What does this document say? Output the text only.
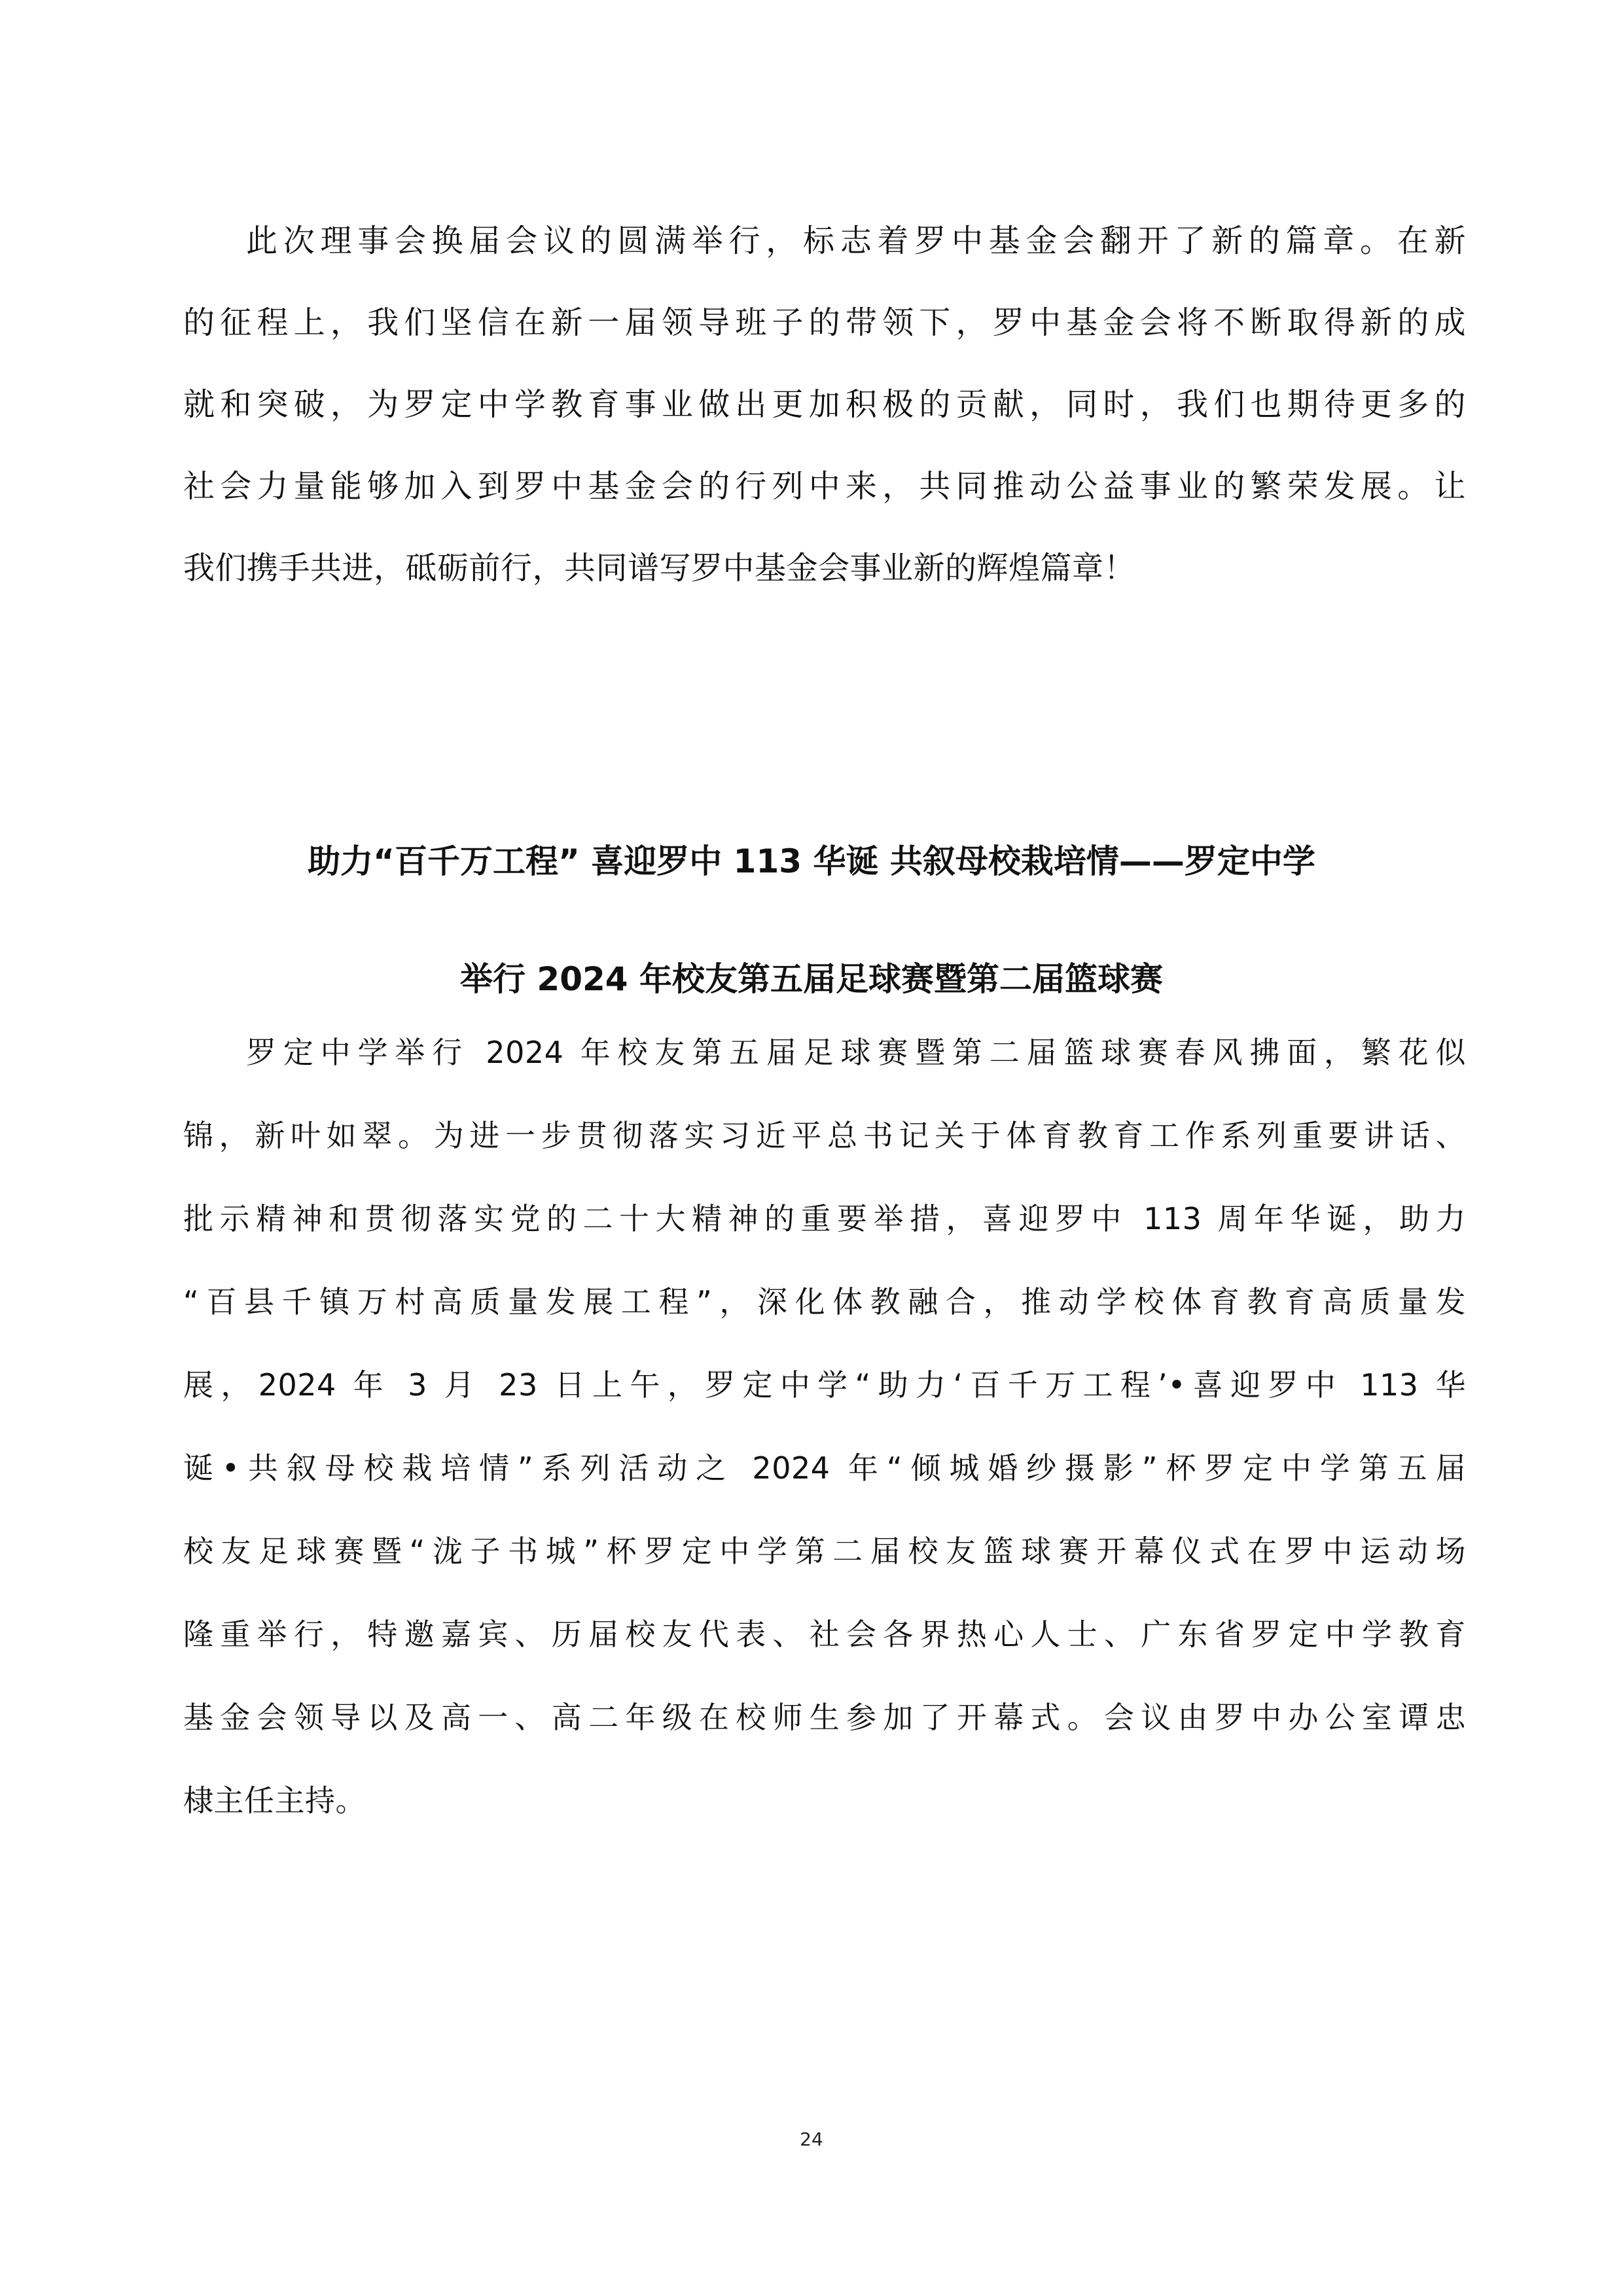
此次理事会换届会议的圆满举行，标志着罗中基金会翻开了新的篇章。在新
的征程上，我们坚信在新一届领导班子的带领下，罗中基金会将不断取得新的成
就和突破，为罗定中学教育事业做出更加积极的贡献，同时，我们也期待更多的
社会力量能够加入到罗中基金会的行列中来，共同推动公益事业的繁荣发展。让
我们携手共进，砥砺前行，共同谱写罗中基金会事业新的辉煌篇章！
助力“百千万工程” 喜迎罗中 113 华诞 共叙母校栽培情——罗定中学
举行 2024 年校友第五届足球赛暨第二届篮球赛
罗定中学举行 2024 年校友第五届足球赛暨第二届篮球赛春风拂面，繁花似
锦，新叶如翠。为进一步贯彻落实习近平总书记关于体育教育工作系列重要讲话、
批示精神和贯彻落实党的二十大精神的重要举措，喜迎罗中 113 周年华诞，助力
“百县千镇万村高质量发展工程”，深化体教融合，推动学校体育教育高质量发
展，2024 年 3 月 23 日上午，罗定中学“助力‘百千万工程’•喜迎罗中 113 华
诞•共叙母校栽培情”系列活动之 2024 年“倾城婚纱摄影”杯罗定中学第五届
校友足球赛暨“泷子书城”杯罗定中学第二届校友篮球赛开幕仪式在罗中运动场
隆重举行，特邀嘉宾、历届校友代表、社会各界热心人士、广东省罗定中学教育
基金会领导以及高一、高二年级在校师生参加了开幕式。会议由罗中办公室谭忠
棣主任主持。
24
